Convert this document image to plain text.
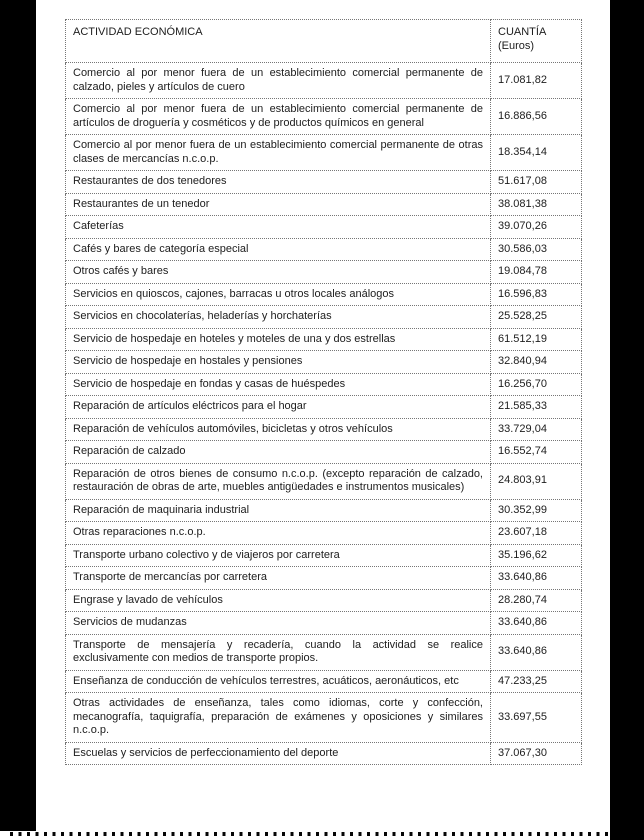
ACTIVIDAD ECONÓMICA	CUANTÍA
(Euros)

Comercio al por menor fuera de un establecimiento comercial permanente de calzado, pieles y artículos de cuero	17.081,82
Comercio al por menor fuera de un establecimiento comercial permanente de artículos de droguería y cosméticos y de productos químicos en general	16.886,56
Comercio al por menor fuera de un establecimiento comercial permanente de otras clases de mercancías n.c.o.p.	18.354,14
Restaurantes de dos tenedores	51.617,08
Restaurantes de un tenedor	38.081,38
Cafeterías	39.070,26
Cafés y bares de categoría especial	30.586,03
Otros cafés y bares	19.084,78
Servicios en quioscos, cajones, barracas u otros locales análogos	16.596,83
Servicios en chocolaterías, heladerías y horchaterías	25.528,25
Servicio de hospedaje en hoteles y moteles de una y dos estrellas	61.512,19
Servicio de hospedaje en hostales y pensiones	32.840,94
Servicio de hospedaje en fondas y casas de huéspedes	16.256,70
Reparación de artículos eléctricos para el hogar	21.585,33
Reparación de vehículos automóviles, bicicletas y otros vehículos	33.729,04
Reparación de calzado	16.552,74
Reparación de otros bienes de consumo n.c.o.p. (excepto reparación de calzado, restauración de obras de arte, muebles antigüedades e instrumentos musicales)	24.803,91
Reparación de maquinaria industrial	30.352,99
Otras reparaciones n.c.o.p.	23.607,18
Transporte urbano colectivo y de viajeros por carretera	35.196,62
Transporte de mercancías por carretera	33.640,86
Engrase y lavado de vehículos	28.280,74
Servicios de mudanzas	33.640,86
Transporte de mensajería y recadería, cuando la actividad se realice exclusivamente con medios de transporte propios.	33.640,86
Enseñanza de conducción de vehículos terrestres, acuáticos, aeronáuticos, etc	47.233,25
Otras actividades de enseñanza, tales como idiomas, corte y confección, mecanografía, taquigrafía, preparación de exámenes y oposiciones y similares n.c.o.p.	33.697,55
Escuelas y servicios de perfeccionamiento del deporte	37.067,30
